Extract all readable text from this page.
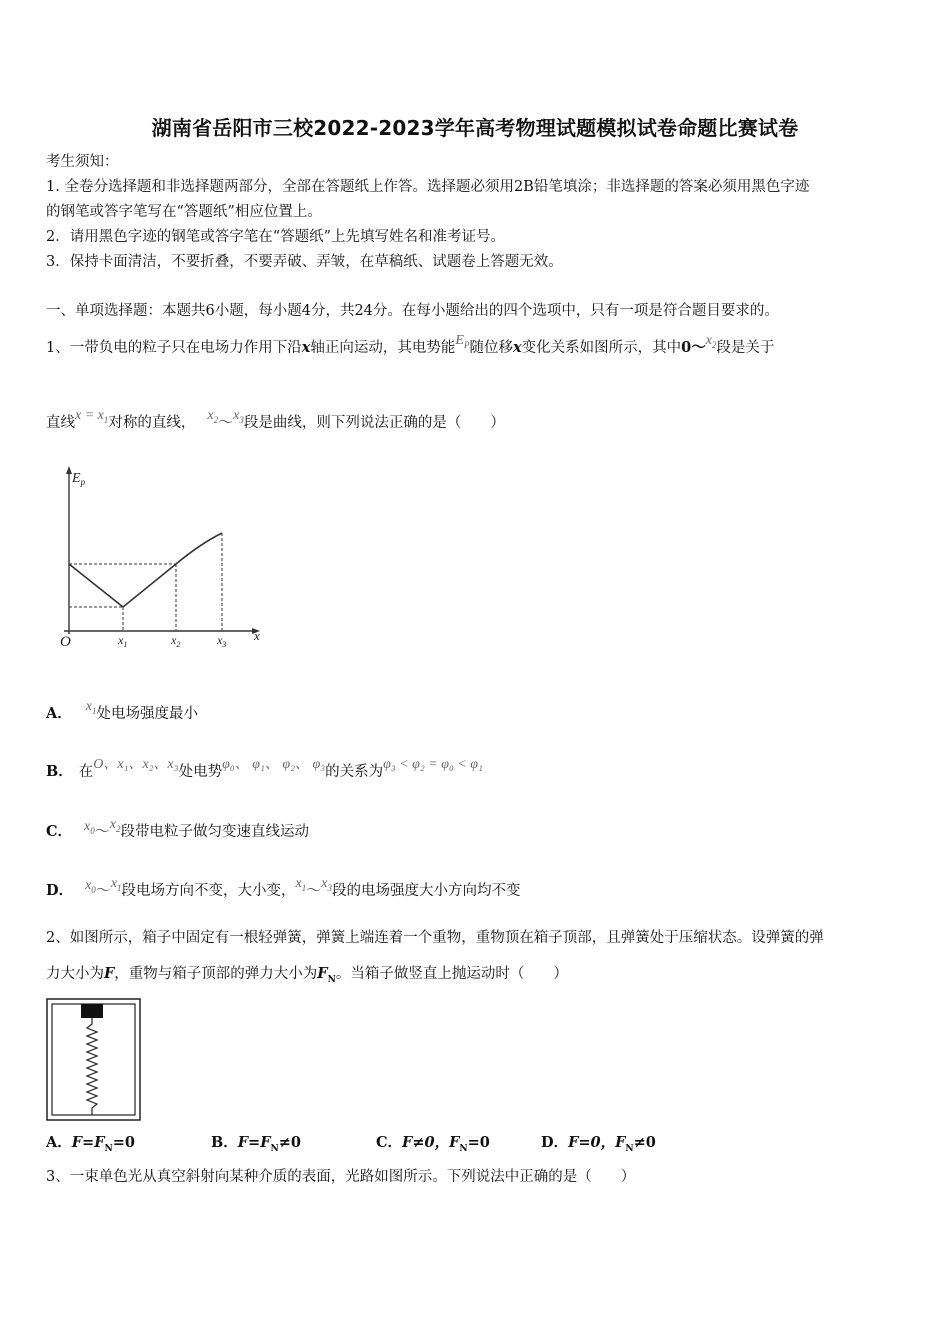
湖南省岳阳市三校2022-2023学年高考物理试题模拟试卷命题比赛试卷
考生须知：
1. 全卷分选择题和非选择题两部分，全部在答题纸上作答。选择题必须用2B铅笔填涂；非选择题的答案必须用黑色字迹
的钢笔或答字笔写在“答题纸”相应位置上。
2．请用黑色字迹的钢笔或答字笔在“答题纸”上先填写姓名和准考证号。
3．保持卡面清洁，不要折叠，不要弄破、弄皱，在草稿纸、试题卷上答题无效。
一、单项选择题：本题共6小题，每小题4分，共24分。在每小题给出的四个选项中，只有一项是符合题目要求的。
1、一带负电的粒子只在电场力作用下沿x轴正向运动，其电势能$E_P$随位移x变化关系如图所示，其中$0\sim x_2$段是关于
直线$x = x_1$对称的直线， $x_2\sim x_3$段是曲线，则下列说法正确的是（　　）
$E_p$
O	x
$x_1$	$x_2$	$x_3$
A． $x_1$处电场强度最小
B． 在O、x₁、x₂、x₃处电势φ₀、 φ₁、 φ₂、 φ₃的关系为φ₃ < φ₂ = φ₀ < φ₁
C． $x_0\sim x_2$段带电粒子做匀变速直线运动
D． $x_0\sim x_1$段电场方向不变，大小变，$x_1\sim x_3$段的电场强度大小方向均不变
2、如图所示，箱子中固定有一根轻弹簧，弹簧上端连着一个重物，重物顶在箱子顶部，且弹簧处于压缩状态。设弹簧的弹
力大小为F，重物与箱子顶部的弹力大小为$F_N$。当箱子做竖直上抛运动时（　　）
A．$F=F_N=0$	B．$F=F_N\ne 0$	C．F≠0，$F_N=0$	D．F=0，$F_N\ne 0$
3、一束单色光从真空斜射向某种介质的表面，光路如图所示。下列说法中正确的是（　　）
